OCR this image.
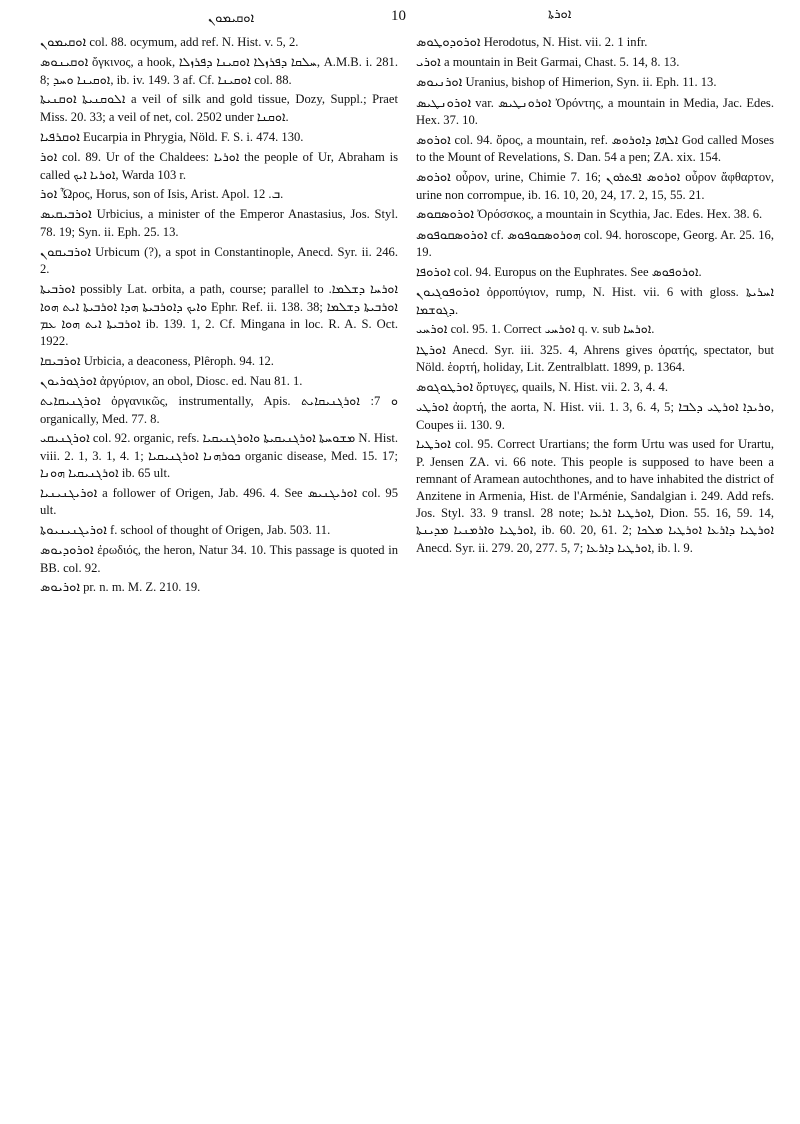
ܐܘܩܝܡܘܢ	10	ܐܘܪܬܐ
ܐܘܩܝܡܘܢ col. 88. ocymum, add ref. N. Hist. v. 5, 2.
ܐܘܩܝܢܘܣ ὄγκινος, a hook, ܚܠܩܐ ܕܦܪܙܠܐ ܐܘܩܝܢܐ ܕܦܪܙܠܐ, A.M.B. i. 281. 8; ܐܘܩܝܢܐ ܘܚܕ, ib. iv. 149. 3 af. Cf. ܐܘܩܝܢܐ col. 88.
ܐܘܩܢܝܬܐ ܐܠܘܩܢܝܬܐ a veil of silk and gold tissue, Dozy, Suppl.; Praet Miss. 20. 33; a veil of net, col. 2502 under ܐܘܩܢܐ.
ܐܘܩܪܦܝܐ Eucarpia in Phrygia, Nöld. F. S. i. 474. 130.
ܐܘܪ col. 89. Ur of the Chaldees: ܐܘܪܝܐ the people of Ur, Abraham is called ܐܘܪܝܐ ܐܝܟ, Warda 103 r.
ܐܘܪ Ὧρος, Horus, son of Isis, Arist. Apol. ܒ. 12.
ܐܘܪܒܝܩܝܣ Urbicius, a minister of the Emperor Anastasius, Jos. Styl. 78. 19; Syn. ii. Eph. 25. 13.
ܐܘܪܒܝܩܘܢ Urbicum (?), a spot in Constantinople, Anecd. Syr. ii. 246. 2.
ܐܘܪܒܝܬܐ possibly Lat. orbita, a path, course; parallel to ܐܘܪܚܐ ܕܫܠܡܐ. ܘܐܝܟ ܕܐܘܪܒܝܬܐ ܗܕܐ ܐܘܪܒܝܬܐ ܐܝܬ ܗܘܐ Ephr. Ref. ii. 138. 38; ܐܘܪܒܝܬܐ ܕܫܠܡܐ ܐܘܪܒܝܬܐ ܐܝܬ ܗܘܐ ܥܡ ib. 139. 1, 2. Cf. Mingana in loc. R. A. S. Oct. 1922.
ܐܘܪܒܝܩܐ Urbicia, a deaconess, Plêroph. 94. 12.
ܐܘܪܓܘܪܝܘܢ ἀργύριον, an obol, Diosc. ed. Nau 81. 1.
ܐܘܪܓܢܝܩܐܝܬ ὀργανικῶς, instrumentally, Apis. ܘ 7: ܐܘܪܓܢܝܩܐܝܬ organically, Med. 77. 8.
ܐܘܪܓܢܝܩܝ col. 92. organic, refs. ܡܫܘܚܬܐ ܐܘܪܓܢܝܩܝܬܐ ܘܐܘܪܓܢܝܩܝܐ N. Hist. viii. 2. 1, 3. 1, 4. 1; ܟܘܪܗܢܐ ܐܘܪܓܢܝܩܝܐ organic disease, Med. 15. 17; ܐܘܪܓܢܝܩܝܐ ܗܘܢܐ ib. 65 ult.
ܐܘܪܝܓܢܝܢܝܐ a follower of Origen, Jab. 496. 4. See ܐܘܪܝܓܢܝܣ col. 95 ult.
ܐܘܪܝܓܢܝܢܝܘܬܐ f. school of thought of Origen, Jab. 503. 11.
ܐܘܪܘܕܝܘܣ ἐρωδιός, the heron, Natur 34. 10. This passage is quoted in BB. col. 92.
ܐܘܪܝܘܣ pr. n. m. M. Z. 210. 19.
ܐܘܪܘܕܘܛܘܣ Herodotus, N. Hist. vii. 2. 1 infr.
ܐܘܪܝ a mountain in Beit Garmai, Chast. 5. 14, 8. 13.
ܐܘܪܢܝܘܣ Uranius, bishop of Himerion, Syn. ii. Eph. 11. 13.
ܐܘܪܘܢܛܝܣ var. ܐܘܪܘܢܛܝܣ Ὀρόντης, a mountain in Media, Jac. Edes. Hex. 37. 10.
ܐܘܪܘܣ col. 94. ὄρος, a mountain, ref. ܐܠܗܐ ܕܐܘܪܘܣ God called Moses to the Mount of Revelations, S. Dan. 54 a pen; ZA. xix. 154.
ܐܘܪܘܣ οὖρον, urine, Chimie 7. 16; ܐܘܪܘܣ ܐܦܬܪܘܢ οὖρον ἄφθαρτον, urine non corrompue, ib. 16. 10, 20, 24, 17. 2, 15, 55. 21.
ܐܘܪܘܣܩܘܣ Ὀρόσσκος, a mountain in Scythia, Jac. Edes. Hex. 38. 6.
ܐܘܪܘܣܩܘܦܘܣ cf. ܗܘܪܘܣܩܘܦܘܣ col. 94. horoscope, Georg. Ar. 25. 16, 19.
ܐܘܪܘܦܐ col. 94. Europus on the Euphrates. See ܐܘܪܘܦܘܣ.
ܐܘܪܘܦܘܓܝܘܢ ὀρροπύγιον, rump, N. Hist. vii. 6 with gloss. ܐܚܪܝܬܐ ܕܓܘܫܡܐ.
ܐܘܪܚܝ col. 95. 1. Correct ܐܘܪܚܝ q. v. sub ܐܘܪܚܐ.
ܐܘܪܛܐ Anecd. Syr. iii. 325. 4, Ahrens gives ὁρατής, spectator, but Nöld. ἑορτή, holiday, Lit. Zentralblatt. 1899, p. 1364.
ܐܘܪܛܘܓܘܣ ὄρτυγες, quails, N. Hist. vii. 2. 3, 4. 4.
ܐܘܪܛܝ ἀορτή, the aorta, N. Hist. vii. 1. 3, 6. 4, 5; ܘܪܝܕܐ ܐܘܪܛܝ ܕܠܒܐ, Coupes ii. 130. 9.
ܐܘܪܛܝܐ col. 95. Correct Urartians; the form Urtu was used for Urartu, P. Jensen ZA. vi. 66 note. This people is supposed to have been a remnant of Aramean autochthones, and to have inhabited the district of Anzitene in Armenia, Hist. de l'Arménie, Sandalgian i. 249. Add refs. Jos. Styl. 33. 9 transl. 28 note; ܐܘܪܛܝܐ ܐܪܥܐ, Dion. 55. 16, 59. 14, ܐܘܪܛܝܐ ܘܐܪܡܢܝܐ ܡܕܝܢܬܐ, ib. 60. 20, 61. 2; ܐܘܪܛܝܐ ܕܐܪܥܐ ܐܘܪܛܝܐ ܡܠܟܐ Anecd. Syr. ii. 279. 20, 277. 5, 7; ܐܘܪܛܝܐ ܕܐܪܥܐ, ib. l. 9.
